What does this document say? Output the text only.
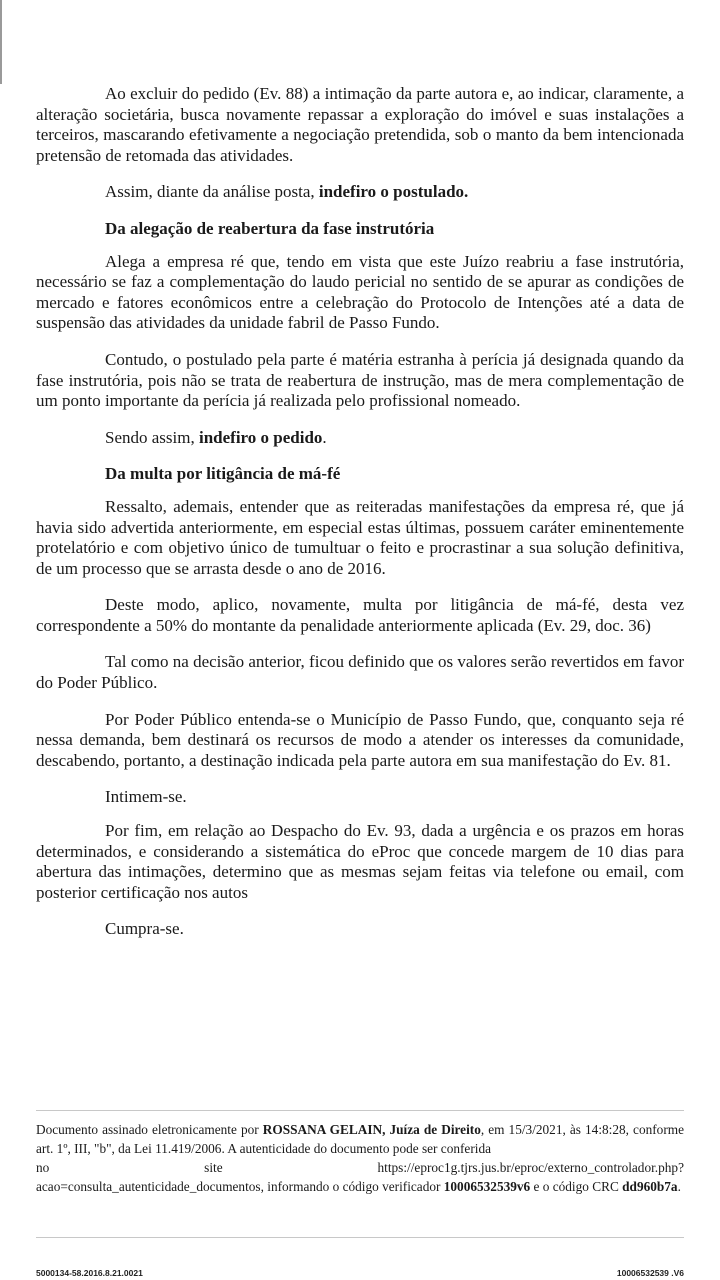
Ao excluir do pedido (Ev. 88) a intimação da parte autora e, ao indicar, claramente, a alteração societária, busca novamente repassar a exploração do imóvel e suas instalações a terceiros, mascarando efetivamente a negociação pretendida, sob o manto da bem intencionada pretensão de retomada das atividades.

Assim, diante da análise posta, indefiro o postulado.

Da alegação de reabertura da fase instrutória

Alega a empresa ré que, tendo em vista que este Juízo reabriu a fase instrutória, necessário se faz a complementação do laudo pericial no sentido de se apurar as condições de mercado e fatores econômicos entre a celebração do Protocolo de Intenções até a data de suspensão das atividades da unidade fabril de Passo Fundo.

Contudo, o postulado pela parte é matéria estranha à perícia já designada quando da fase instrutória, pois não se trata de reabertura de instrução, mas de mera complementação de um ponto importante da perícia já realizada pelo profissional nomeado.

Sendo assim, indefiro o pedido.

Da multa por litigância de má-fé

Ressalto, ademais, entender que as reiteradas manifestações da empresa ré, que já havia sido advertida anteriormente, em especial estas últimas, possuem caráter eminentemente protelatório e com objetivo único de tumultuar o feito e procrastinar a sua solução definitiva, de um processo que se arrasta desde o ano de 2016.

Deste modo, aplico, novamente, multa por litigância de má-fé, desta vez correspondente a 50% do montante da penalidade anteriormente aplicada (Ev. 29, doc. 36)

Tal como na decisão anterior, ficou definido que os valores serão revertidos em favor do Poder Público.

Por Poder Público entenda-se o Município de Passo Fundo, que, conquanto seja ré nessa demanda, bem destinará os recursos de modo a atender os interesses da comunidade, descabendo, portanto, a destinação indicada pela parte autora em sua manifestação do Ev. 81.

Intimem-se.

Por fim, em relação ao Despacho do Ev. 93, dada a urgência e os prazos em horas determinados, e considerando a sistemática do eProc que concede margem de 10 dias para abertura das intimações, determino que as mesmas sejam feitas via telefone ou email, com posterior certificação nos autos

Cumpra-se.

Documento assinado eletronicamente por ROSSANA GELAIN, Juíza de Direito, em 15/3/2021, às 14:8:28, conforme art. 1º, III, "b", da Lei 11.419/2006. A autenticidade do documento pode ser conferida
no	site	https://eproc1g.tjrs.jus.br/eproc/externo_controlador.php?
acao=consulta_autenticidade_documentos, informando o código verificador 10006532539v6 e o código CRC dd960b7a.
5000134-58.2016.8.21.0021	10006532539 .V6
